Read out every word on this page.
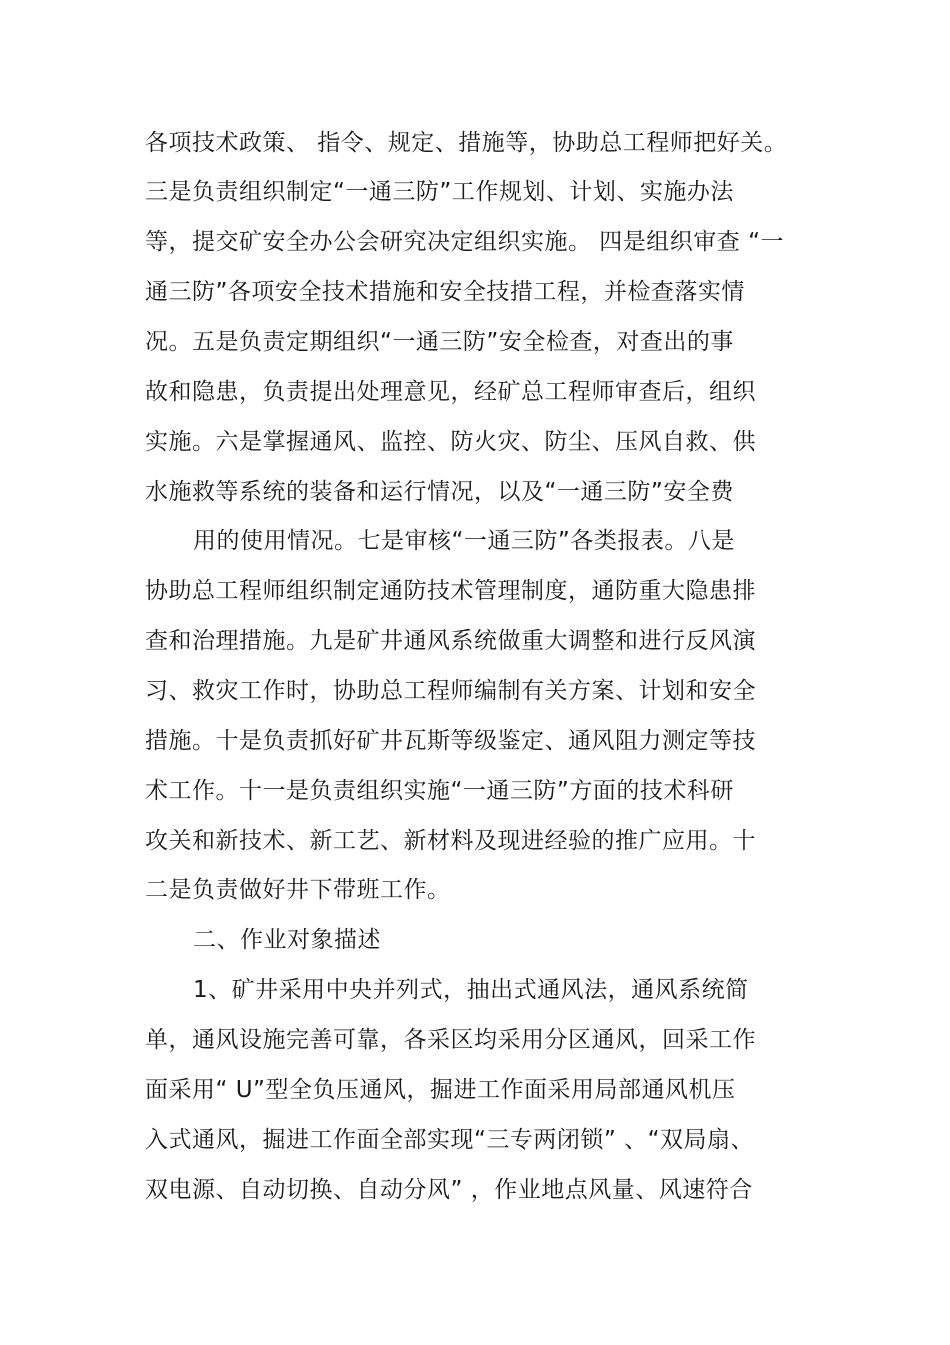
各项技术政策、 指令、规定、措施等，协助总工程师把好关。
三是负责组织制定“一通三防”工作规划、计划、实施办法
等，提交矿安全办公会研究决定组织实施。 四是组织审查 “一
通三防”各项安全技术措施和安全技措工程，并检查落实情
况。五是负责定期组织“一通三防”安全检查，对查出的事
故和隐患，负责提出处理意见，经矿总工程师审查后，组织
实施。六是掌握通风、监控、防火灾、防尘、压风自救、供
水施救等系统的装备和运行情况，以及“一通三防”安全费
用的使用情况。七是审核“一通三防”各类报表。八是
协助总工程师组织制定通防技术管理制度，通防重大隐患排
查和治理措施。九是矿井通风系统做重大调整和进行反风演
习、救灾工作时，协助总工程师编制有关方案、计划和安全
措施。十是负责抓好矿井瓦斯等级鉴定、通风阻力测定等技
术工作。十一是负责组织实施“一通三防”方面的技术科研
攻关和新技术、新工艺、新材料及现进经验的推广应用。十
二是负责做好井下带班工作。
二、作业对象描述
1、矿井采用中央并列式，抽出式通风法，通风系统简
单，通风设施完善可靠，各采区均采用分区通风，回采工作
面采用“ U”型全负压通风，掘进工作面采用局部通风机压
入式通风，掘进工作面全部实现“三专两闭锁” 、“双局扇、
双电源、自动切换、自动分风” ，作业地点风量、风速符合
